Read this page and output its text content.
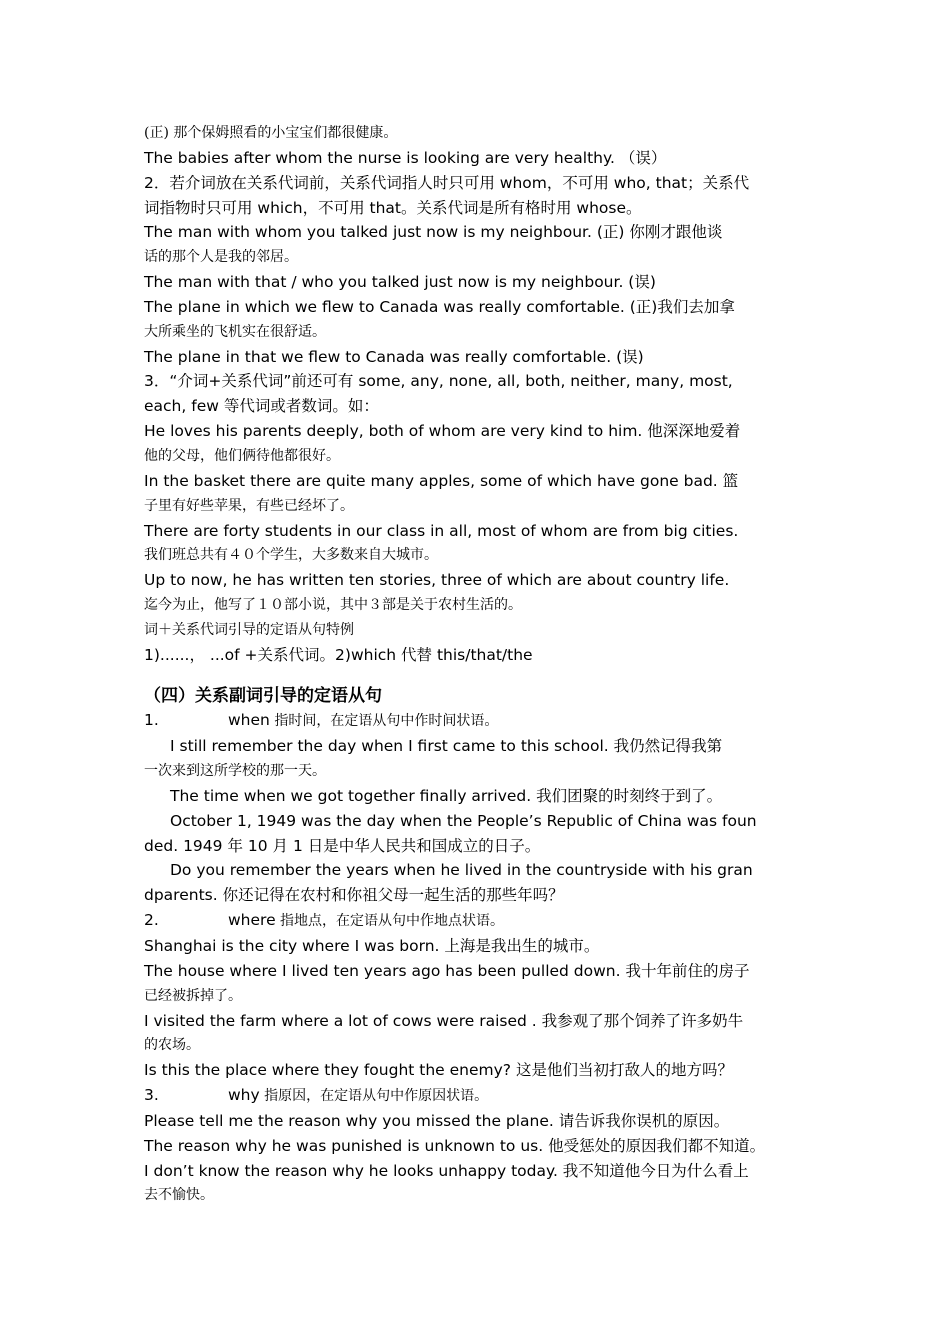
(正) 那个保姆照看的小宝宝们都很健康。

The babies after whom the nurse is looking are very healthy. （误）

2．若介词放在关系代词前，关系代词指人时只可用 whom，不可用 who, that；关系代

词指物时只可用 which，不可用 that。关系代词是所有格时用 whose。

The man with whom you talked just now is my neighbour. (正) 你刚才跟他谈

话的那个人是我的邻居。

The man with that / who you talked just now is my neighbour. (误)

The plane in which we flew to Canada was really comfortable. (正)我们去加拿

大所乘坐的飞机实在很舒适。

The plane in that we flew to Canada was really comfortable. (误)

3．“介词+关系代词”前还可有 some, any, none, all, both, neither, many, most,

each, few 等代词或者数词。如：

He loves his parents deeply, both of whom are very kind to him. 他深深地爱着

他的父母，他们俩待他都很好。

In the basket there are quite many apples, some of which have gone bad. 篮

子里有好些苹果，有些已经坏了。

There are forty students in our class in all, most of whom are from big cities.

我们班总共有４０个学生，大多数来自大城市。

Up to now, he has written ten stories, three of which are about country life.

迄今为止，他写了１０部小说，其中３部是关于农村生活的。

词＋关系代词引导的定语从句特例

1)......， ...of +关系代词。2)which 代替 this/that/the

（四）关系副词引导的定语从句

1.	when 指时间，在定语从句中作时间状语。

I still remember the day when I first came to this school. 我仍然记得我第

一次来到这所学校的那一天。

The time when we got together finally arrived. 我们团聚的时刻终于到了。

October 1, 1949 was the day when the People’s Republic of China was foun

ded. 1949 年 10 月 1 日是中华人民共和国成立的日子。

Do you remember the years when he lived in the countryside with his gran

dparents. 你还记得在农村和你祖父母一起生活的那些年吗？

2.	where 指地点，在定语从句中作地点状语。

Shanghai is the city where I was born. 上海是我出生的城市。

The house where I lived ten years ago has been pulled down. 我十年前住的房子

已经被拆掉了。

I visited the farm where a lot of cows were raised . 我参观了那个饲养了许多奶牛

的农场。

Is this the place where they fought the enemy? 这是他们当初打敌人的地方吗？

3.	why 指原因，在定语从句中作原因状语。

Please tell me the reason why you missed the plane. 请告诉我你误机的原因。

The reason why he was punished is unknown to us. 他受惩处的原因我们都不知道。

I don’t know the reason why he looks unhappy today. 我不知道他今日为什么看上

去不愉快。
